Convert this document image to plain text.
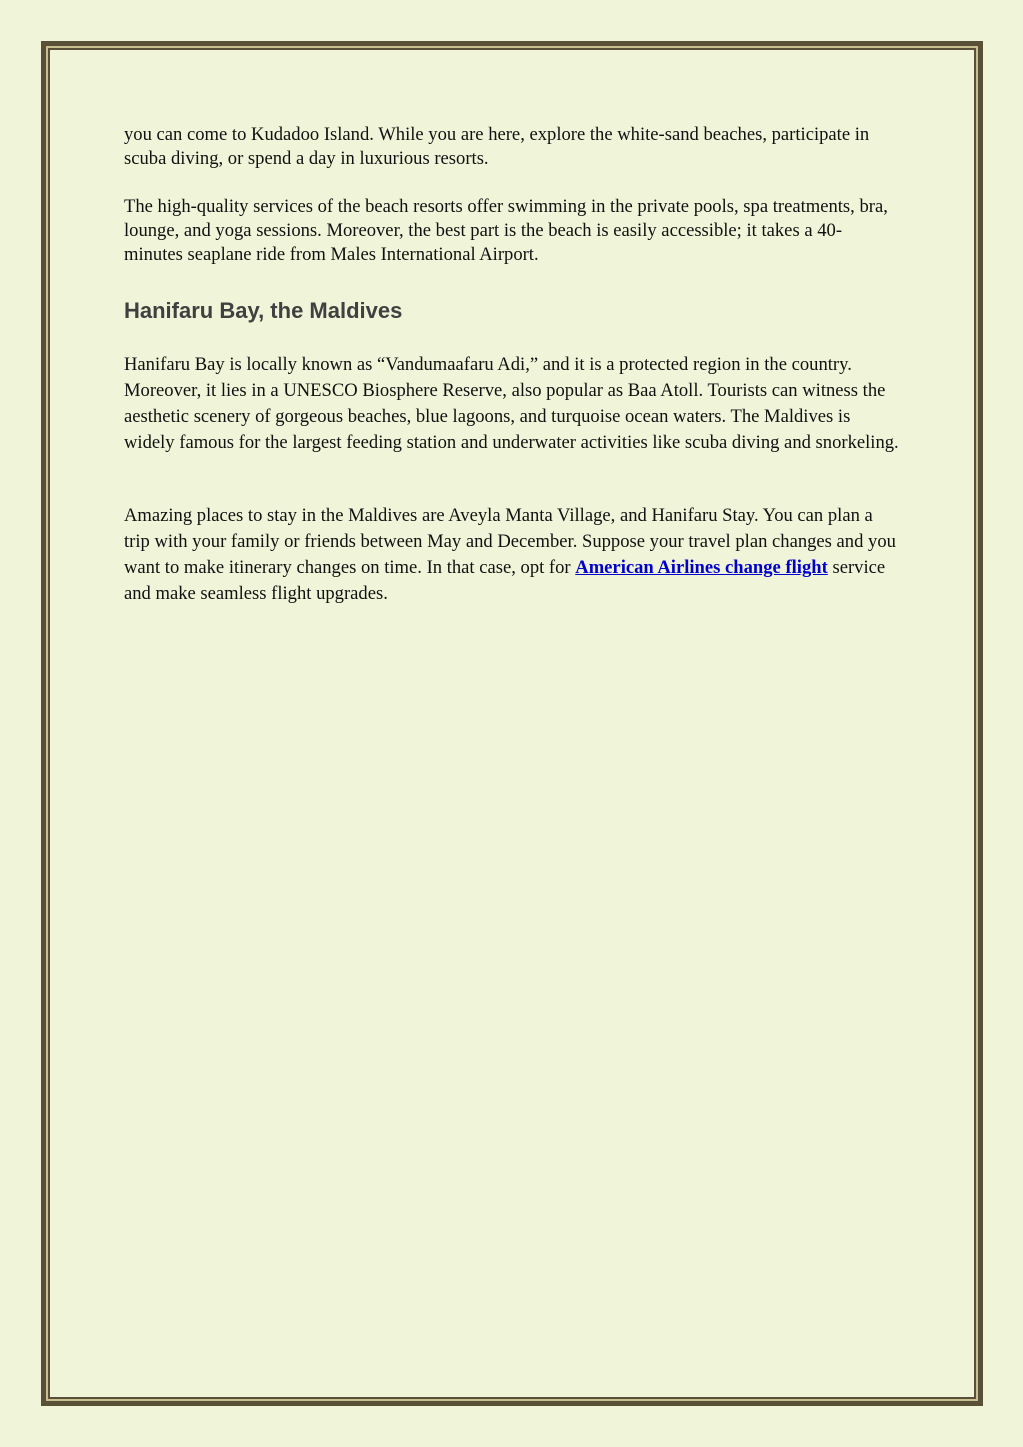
you can come to Kudadoo Island. While you are here, explore the white-sand beaches, participate in scuba diving, or spend a day in luxurious resorts.

The high-quality services of the beach resorts offer swimming in the private pools, spa treatments, bra, lounge, and yoga sessions. Moreover, the best part is the beach is easily accessible; it takes a 40-minutes seaplane ride from Males International Airport.

Hanifaru Bay, the Maldives

Hanifaru Bay is locally known as “Vandumaafaru Adi,” and it is a protected region in the country. Moreover, it lies in a UNESCO Biosphere Reserve, also popular as Baa Atoll. Tourists can witness the aesthetic scenery of gorgeous beaches, blue lagoons, and turquoise ocean waters. The Maldives is widely famous for the largest feeding station and underwater activities like scuba diving and snorkeling.

Amazing places to stay in the Maldives are Aveyla Manta Village, and Hanifaru Stay. You can plan a trip with your family or friends between May and December. Suppose your travel plan changes and you want to make itinerary changes on time. In that case, opt for American Airlines change flight service and make seamless flight upgrades.
